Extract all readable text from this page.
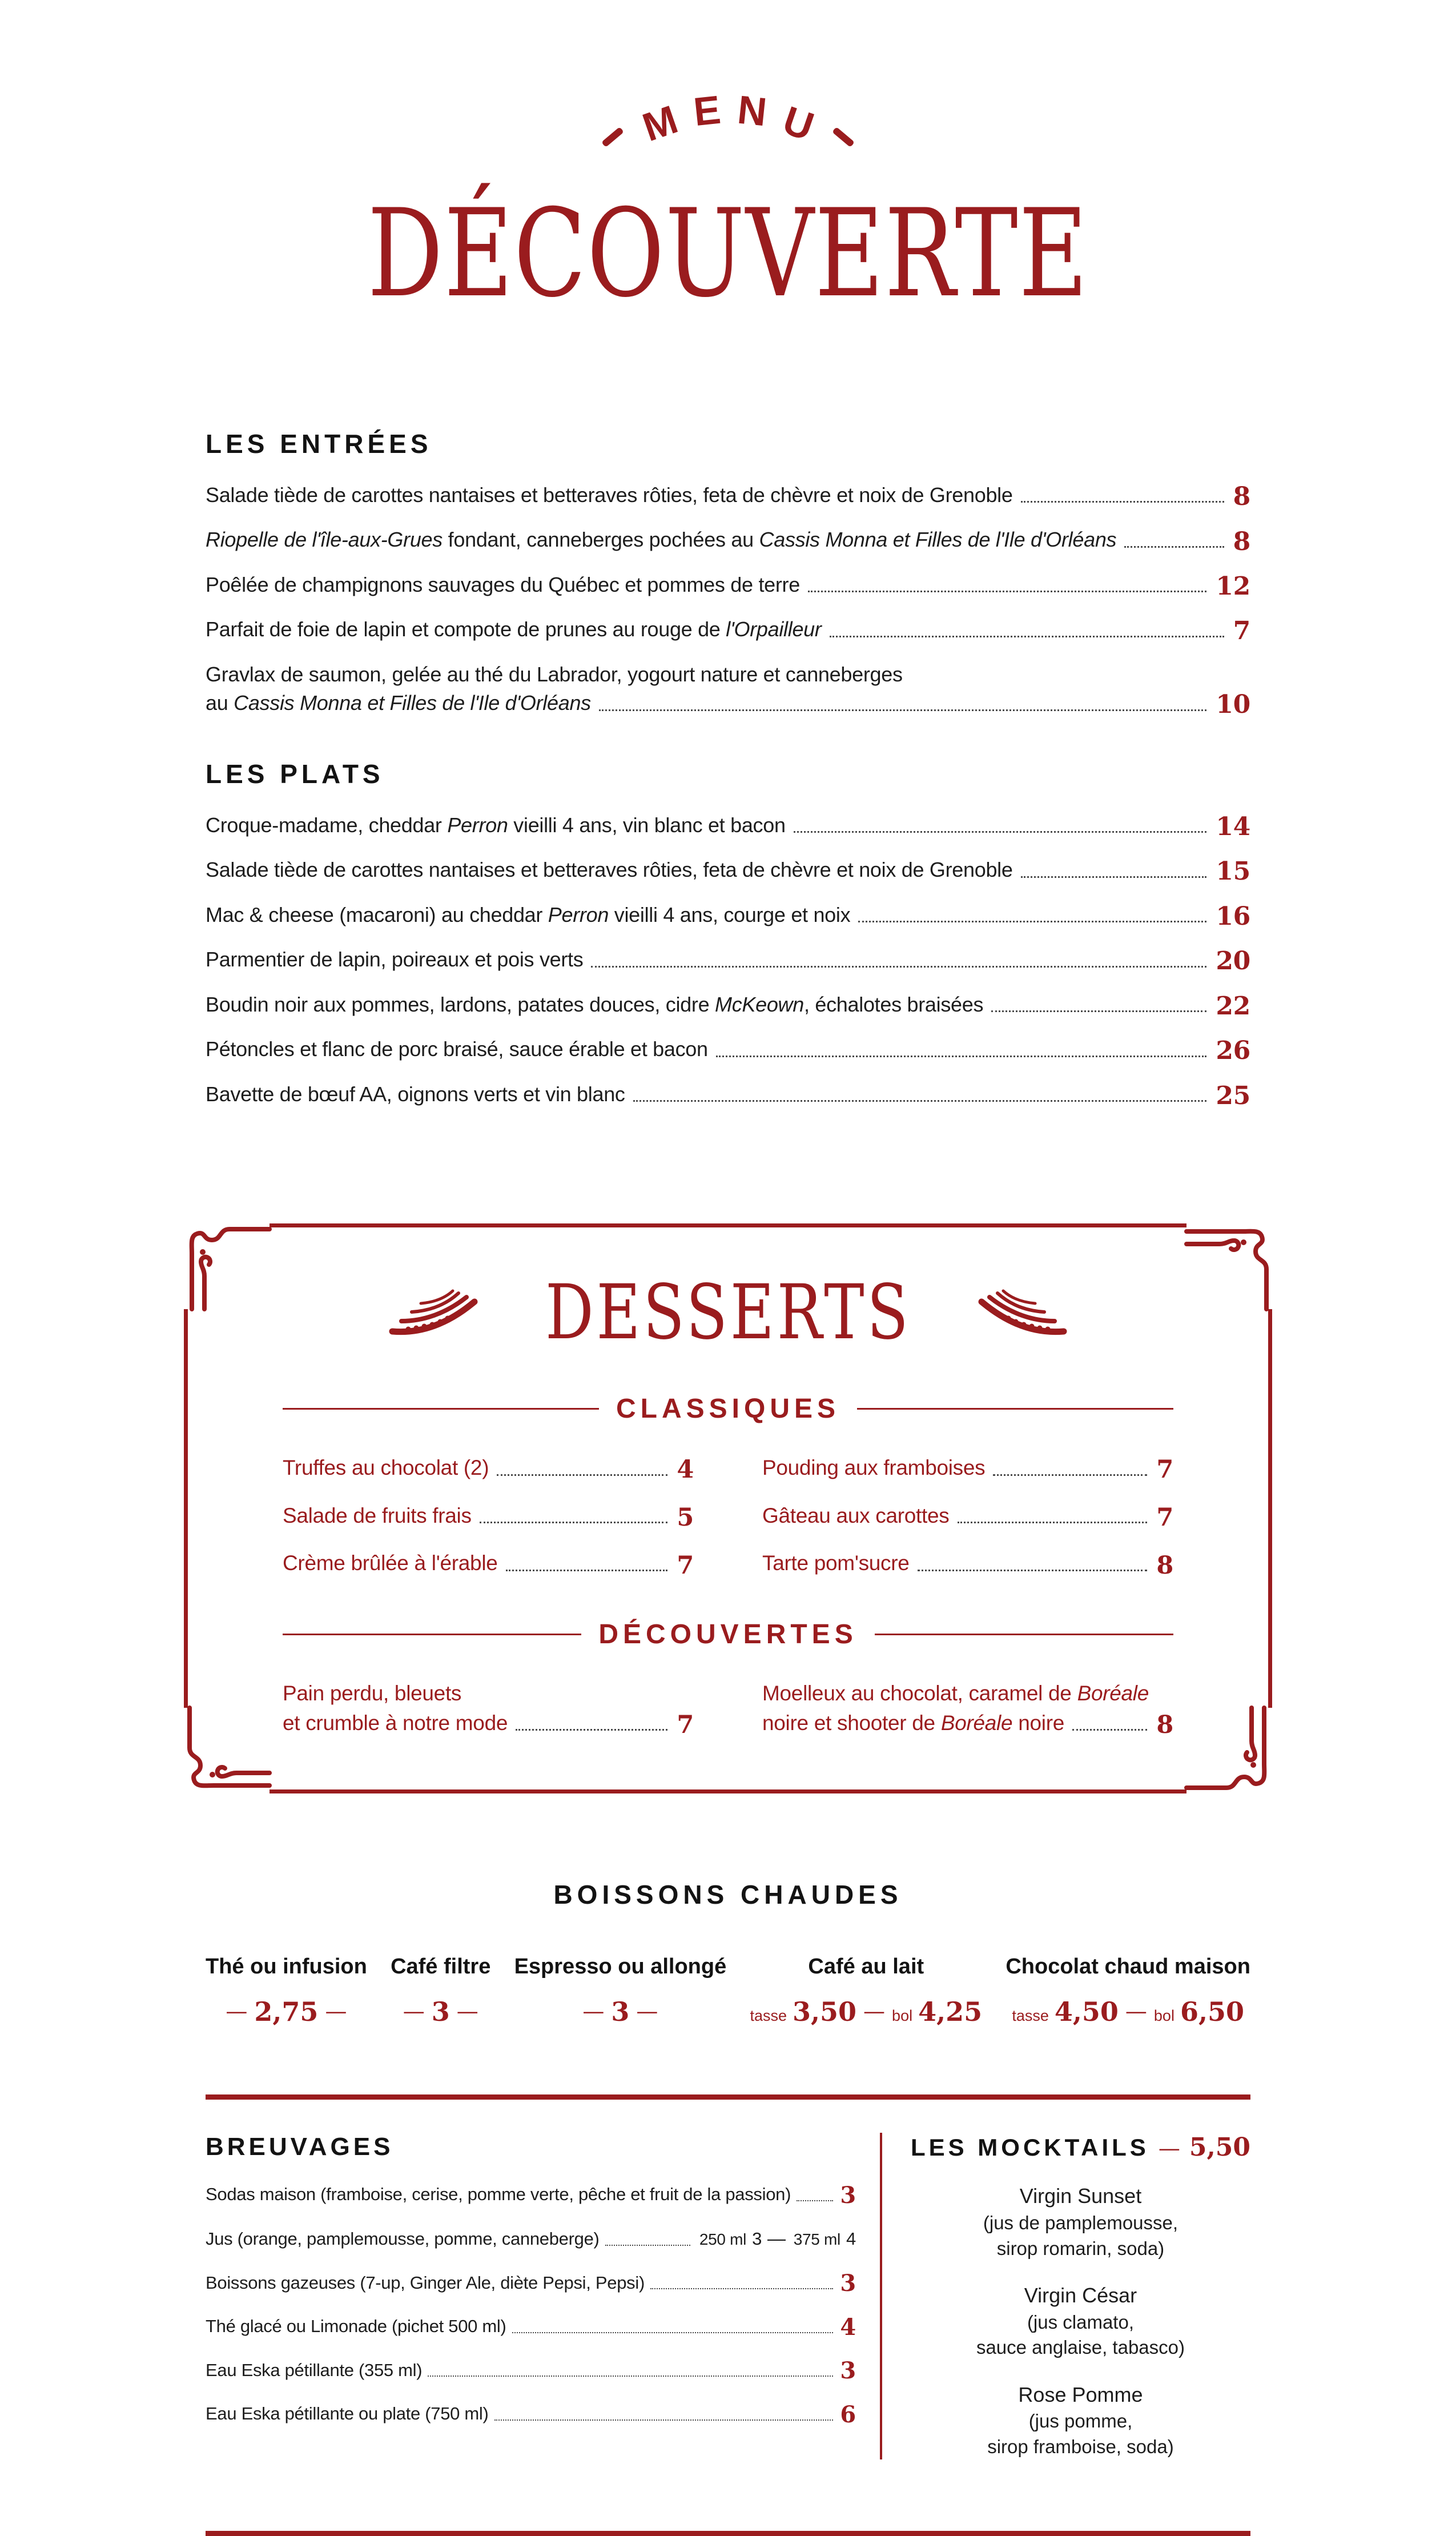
M E N U
DÉCOUVERTE
LES ENTRÉES
Salade tiède de carottes nantaises et betteraves rôties, feta de chèvre et noix de Grenoble	8
Riopelle de l'île-aux-Grues fondant, canneberges pochées au Cassis Monna et Filles de l'Ile d'Orléans	8
Poêlée de champignons sauvages du Québec et pommes de terre	12
Parfait de foie de lapin et compote de prunes au rouge de l'Orpailleur	7
Gravlax de saumon, gelée au thé du Labrador, yogourt nature et canneberges
au Cassis Monna et Filles de l'Ile d'Orléans	10
LES PLATS
Croque-madame, cheddar Perron vieilli 4 ans, vin blanc et bacon	14
Salade tiède de carottes nantaises et betteraves rôties, feta de chèvre et noix de Grenoble	15
Mac & cheese (macaroni) au cheddar Perron vieilli 4 ans, courge et noix	16
Parmentier de lapin, poireaux et pois verts	20
Boudin noir aux pommes, lardons, patates douces, cidre McKeown, échalotes braisées	22
Pétoncles et flanc de porc braisé, sauce érable et bacon	26
Bavette de bœuf AA, oignons verts et vin blanc	25
DESSERTS
CLASSIQUES
Truffes au chocolat (2)	4
Salade de fruits frais	5
Crème brûlée à l'érable	7
Pouding aux framboises	7
Gâteau aux carottes	7
Tarte pom'sucre	8
DÉCOUVERTES
Pain perdu, bleuets
et crumble à notre mode	7
Moelleux au chocolat, caramel de Boréale
noire et shooter de Boréale noire	8
BOISSONS CHAUDES
Thé ou infusion
— 2,75 —
Café filtre
— 3 —
Espresso ou allongé
— 3 —
Café au lait
tasse 3,50 — bol 4,25
Chocolat chaud maison
tasse 4,50 — bol 6,50
BREUVAGES
Sodas maison (framboise, cerise, pomme verte, pêche et fruit de la passion) 3
Jus (orange, pamplemousse, pomme, canneberge)	250 ml 3 — 375 ml 4
Boissons gazeuses (7-up, Ginger Ale, diète Pepsi, Pepsi)	3
Thé glacé ou Limonade (pichet 500 ml)	4
Eau Eska pétillante (355 ml)	3
Eau Eska pétillante ou plate (750 ml)	6
LES MOCKTAILS — 5,50
Virgin Sunset
(jus de pamplemousse,
sirop romarin, soda)
Virgin César
(jus clamato,
sauce anglaise, tabasco)
Rose Pomme
(jus pomme,
sirop framboise, soda)
